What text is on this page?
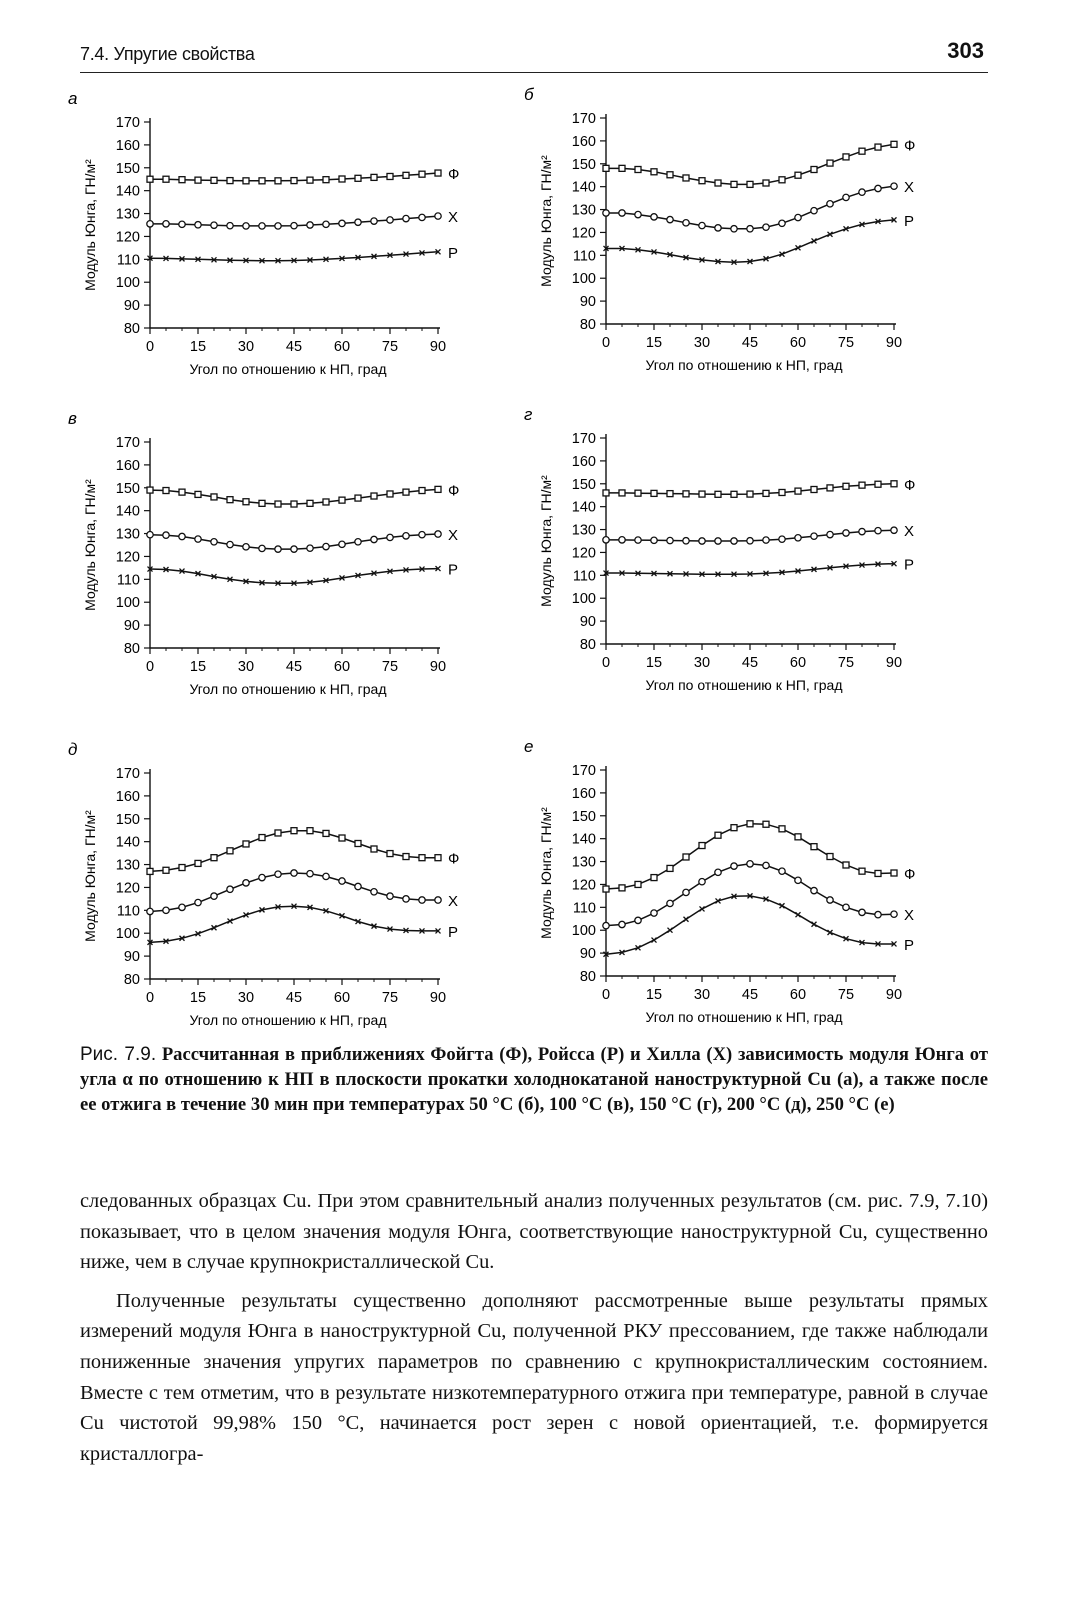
7.4. Упругие свойства	303
а
80
90
100
110
120
130
140
150
160
170
0 15 30 45 60 75 90
Угол по отношению к НП, град
Модуль Юнга, ГН/м²	Ф
Х
Р
б
80
90
100
110
120
130
140
150
160
170
0 15 30 45 60 75 90
Угол по отношению к НП, град
Модуль Юнга, ГН/м²
Ф
Х
Р
в
80
90
100
110
120
130
140
150
160
170
0 15 30 45 60 75 90
Угол по отношению к НП, град
Модуль Юнга, ГН/м²	Ф
Х
Р
г
80
90
100
110
120
130
140
150
160
170
0 15 30 45 60 75 90
Угол по отношению к НП, град
Модуль Юнга, ГН/м²	Ф
Х
Р
д
80
90
100
110
120
130
140
150
160
170
0 15 30 45 60 75 90
Угол по отношению к НП, град
Модуль Юнга, ГН/м²	Ф
Х
Р
е
80
90
100
110
120
130
140
150
160
170
0 15 30 45 60 75 90
Угол по отношению к НП, град
Модуль Юнга, ГН/м²	Ф
Х
Р
Рис. 7.9. Рассчитанная в приближениях Фойгта (Ф), Ройсса (Р) и Хилла (Х) зависимость модуля Юнга от угла α по отношению к НП в плоскости прокатки холоднокатаной наноструктурной Cu (а), а также после ее отжига в течение 30 мин при температурах 50 °С (б), 100 °С (в), 150 °С (г), 200 °С (д), 250 °С (е)

следованных образцах Cu. При этом сравнительный анализ полученных результатов (см. рис. 7.9, 7.10) показывает, что в целом значения модуля Юнга, соответствующие наноструктурной Cu, существенно ниже, чем в случае крупнокристаллической Cu.

Полученные результаты существенно дополняют рассмотренные выше результаты прямых измерений модуля Юнга в наноструктурной Cu, полученной РКУ прессованием, где также наблюдали пониженные значения упругих параметров по сравнению с крупнокристаллическим состоянием. Вместе с тем отметим, что в результате низкотемпературного отжига при температуре, равной в случае Cu чистотой 99,98% 150 °С, начинается рост зерен с новой ориентацией, т.е. формируется кристаллогра-
